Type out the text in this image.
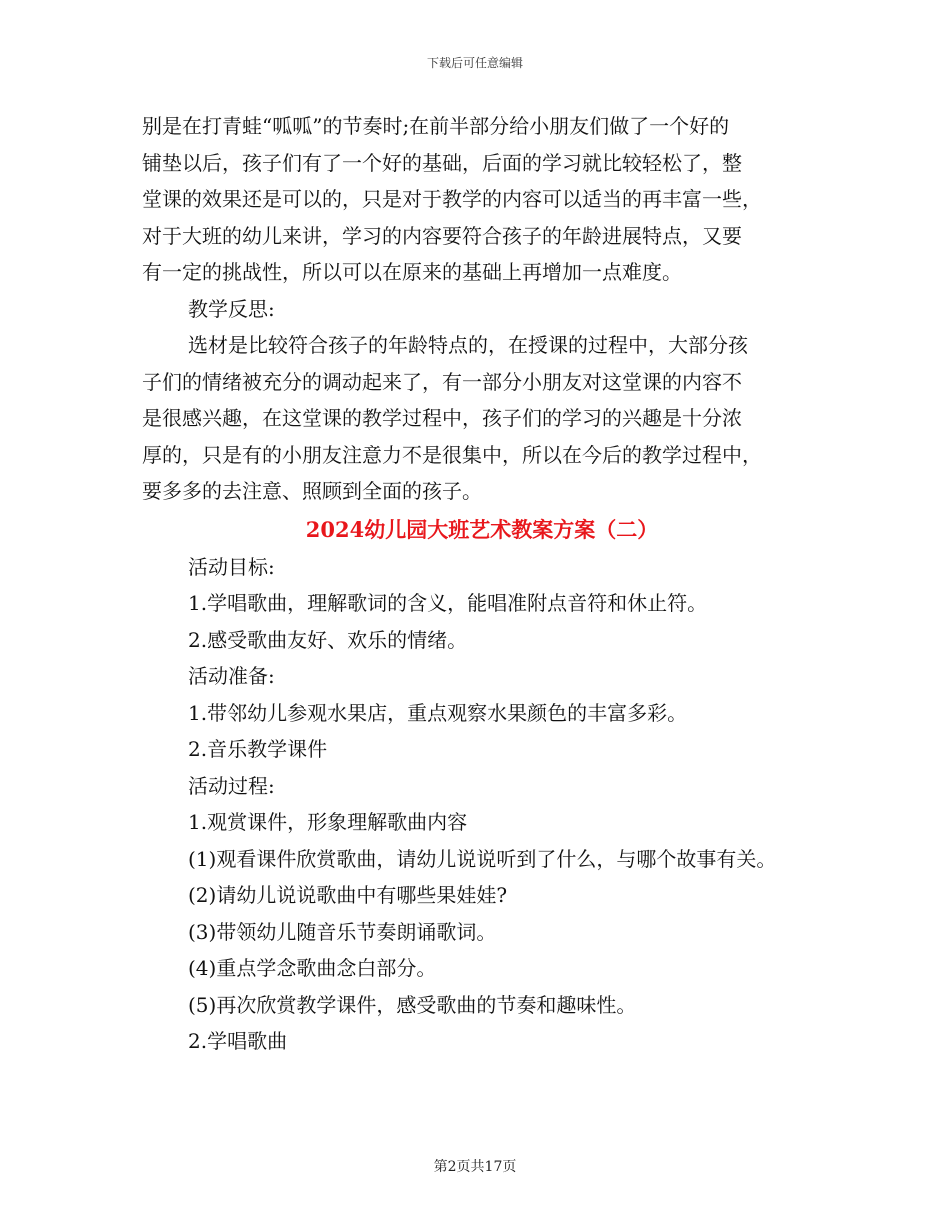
下载后可任意编辑
别是在打青蛙“呱呱”的节奏时;在前半部分给小朋友们做了一个好的
铺垫以后，孩子们有了一个好的基础，后面的学习就比较轻松了，整
堂课的效果还是可以的，只是对于教学的内容可以适当的再丰富一些，
对于大班的幼儿来讲，学习的内容要符合孩子的年龄进展特点，又要
有一定的挑战性，所以可以在原来的基础上再增加一点难度。
教学反思:
选材是比较符合孩子的年龄特点的，在授课的过程中，大部分孩
子们的情绪被充分的调动起来了，有一部分小朋友对这堂课的内容不
是很感兴趣，在这堂课的教学过程中，孩子们的学习的兴趣是十分浓
厚的，只是有的小朋友注意力不是很集中，所以在今后的教学过程中，
要多多的去注意、照顾到全面的孩子。
2024幼儿园大班艺术教案方案（二）
活动目标:
1.学唱歌曲，理解歌词的含义，能唱准附点音符和休止符。
2.感受歌曲友好、欢乐的情绪。
活动准备:
1.带邻幼儿参观水果店，重点观察水果颜色的丰富多彩。
2.音乐教学课件
活动过程:
1.观赏课件，形象理解歌曲内容
(1)观看课件欣赏歌曲，请幼儿说说听到了什么，与哪个故事有关。
(2)请幼儿说说歌曲中有哪些果娃娃?
(3)带领幼儿随音乐节奏朗诵歌词。
(4)重点学念歌曲念白部分。
(5)再次欣赏教学课件，感受歌曲的节奏和趣味性。
2.学唱歌曲
第2页共17页
